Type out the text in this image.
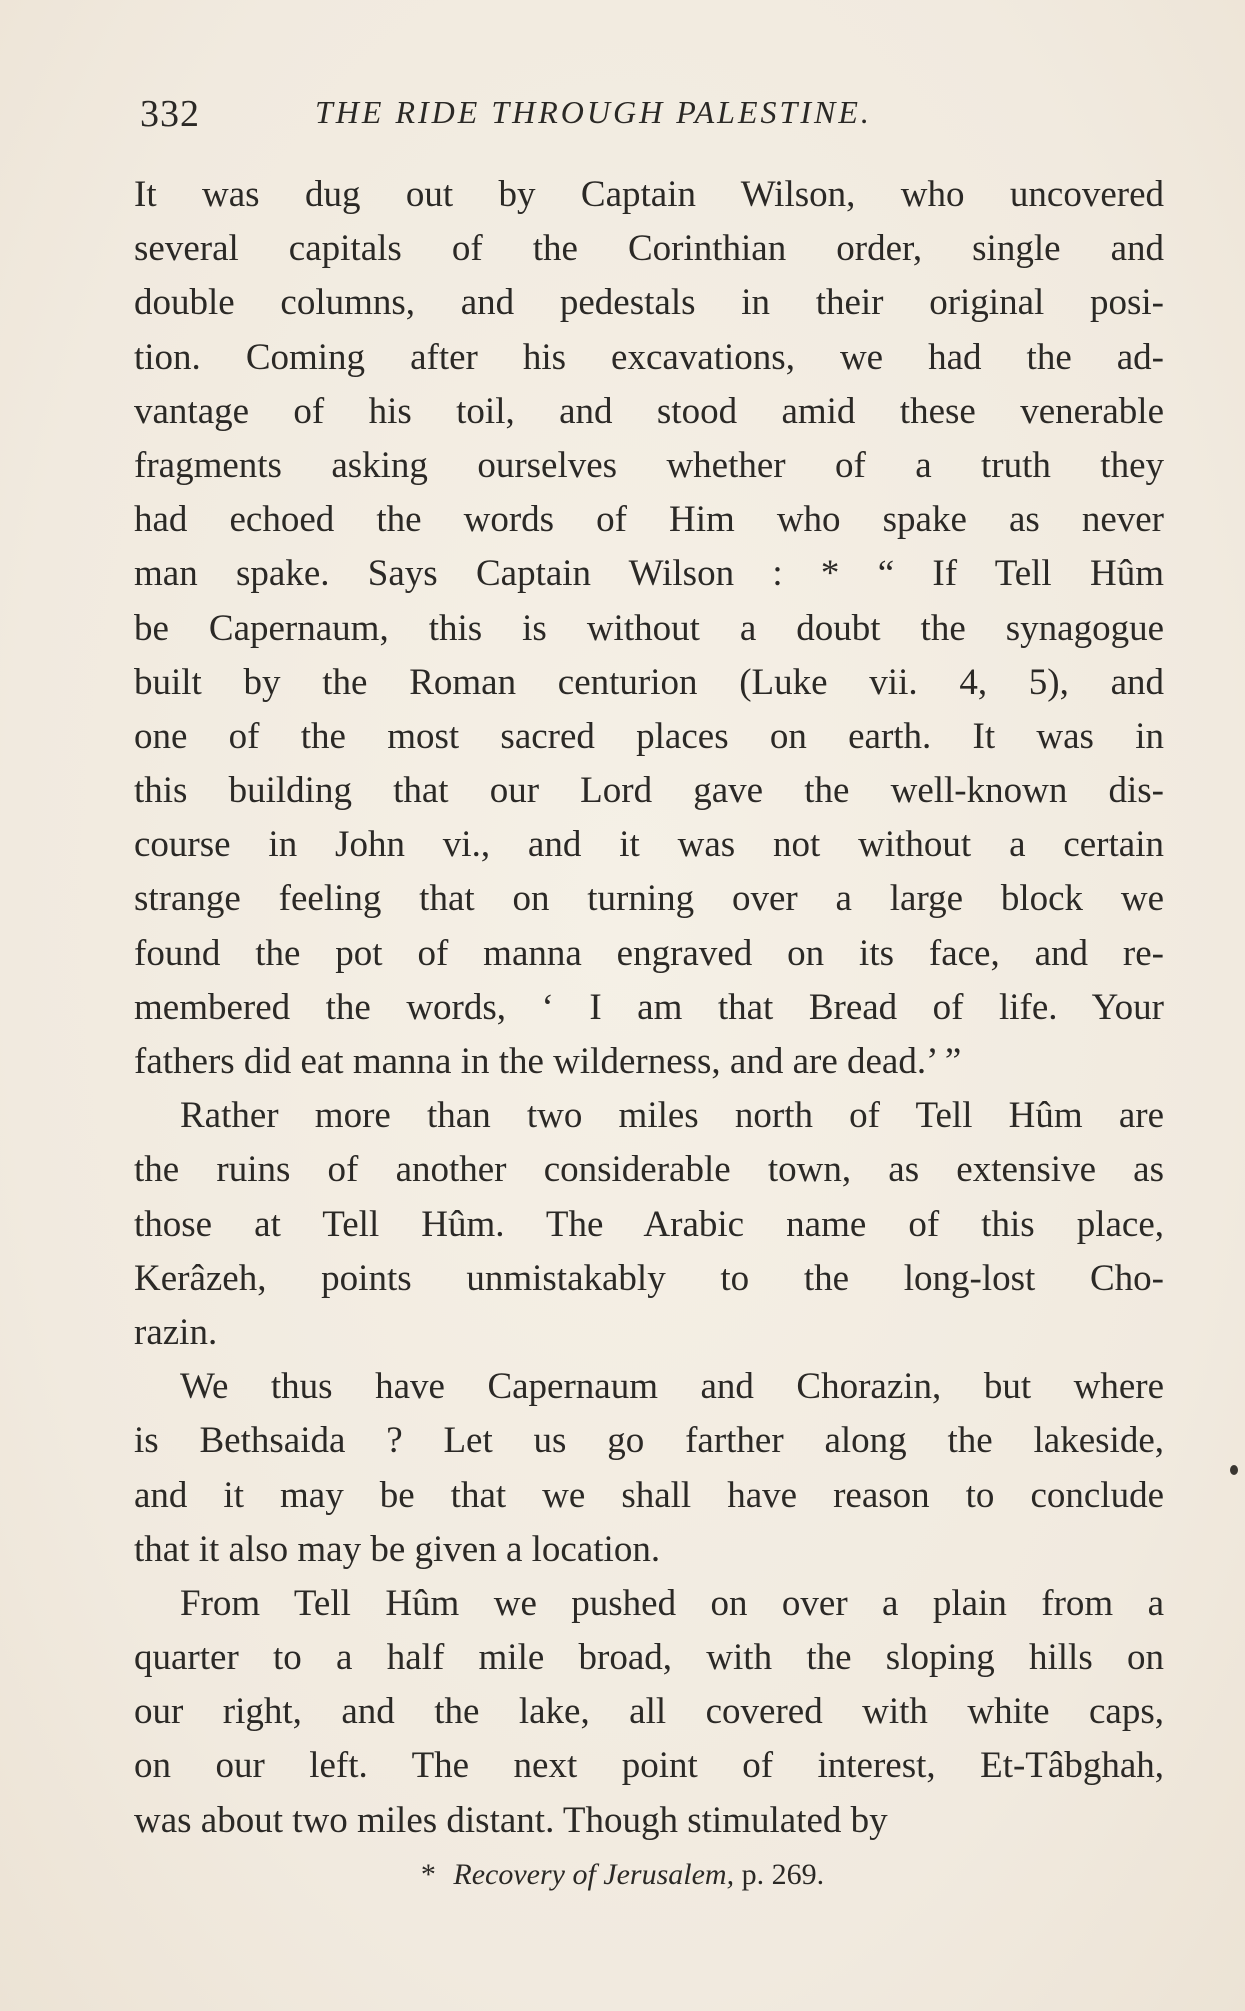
332	THE RIDE THROUGH PALESTINE.
It was dug out by Captain Wilson, who uncovered
several capitals of the Corinthian order, single and
double columns, and pedestals in their original posi-
tion. Coming after his excavations, we had the ad-
vantage of his toil, and stood amid these venerable
fragments asking ourselves whether of a truth they
had echoed the words of Him who spake as never
man spake. Says Captain Wilson : * “ If Tell Hûm
be Capernaum, this is without a doubt the synagogue
built by the Roman centurion (Luke vii. 4, 5), and
one of the most sacred places on earth. It was in
this building that our Lord gave the well-known dis-
course in John vi., and it was not without a certain
strange feeling that on turning over a large block we
found the pot of manna engraved on its face, and re-
membered the words, ‘ I am that Bread of life. Your
fathers did eat manna in the wilderness, and are dead.’ ”
Rather more than two miles north of Tell Hûm are
the ruins of another considerable town, as extensive as
those at Tell Hûm. The Arabic name of this place,
Kerâzeh, points unmistakably to the long-lost Cho-
razin.
We thus have Capernaum and Chorazin, but where
is Bethsaida ? Let us go farther along the lakeside,
and it may be that we shall have reason to conclude
that it also may be given a location.
From Tell Hûm we pushed on over a plain from a
quarter to a half mile broad, with the sloping hills on
our right, and the lake, all covered with white caps,
on our left. The next point of interest, Et-Tâbghah,
was about two miles distant. Though stimulated by
* Recovery of Jerusalem, p. 269.
